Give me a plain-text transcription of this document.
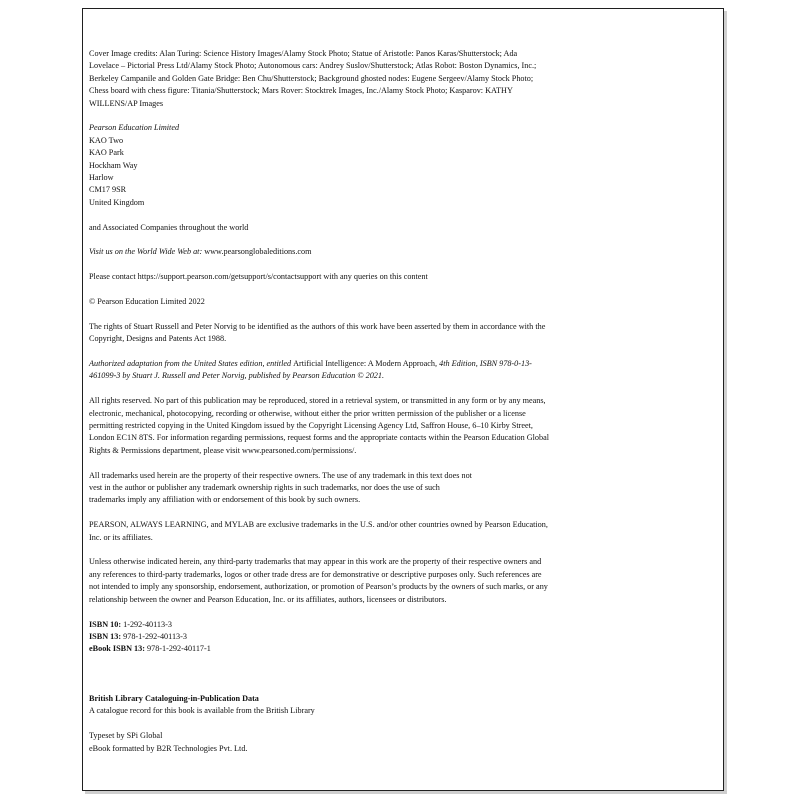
Cover Image credits: Alan Turing: Science History Images/Alamy Stock Photo; Statue of Aristotle: Panos Karas/Shutterstock; Ada Lovelace – Pictorial Press Ltd/Alamy Stock Photo; Autonomous cars: Andrey Suslov/Shutterstock; Atlas Robot: Boston Dynamics, Inc.; Berkeley Campanile and Golden Gate Bridge: Ben Chu/Shutterstock; Background ghosted nodes: Eugene Sergeev/Alamy Stock Photo; Chess board with chess figure: Titania/Shutterstock; Mars Rover: Stocktrek Images, Inc./Alamy Stock Photo; Kasparov: KATHY WILLENS/AP Images

Pearson Education Limited

KAO Two
KAO Park
Hockham Way
Harlow
CM17 9SR
United Kingdom

and Associated Companies throughout the world

Visit us on the World Wide Web at: www.pearsonglobaleditions.com

Please contact https://support.pearson.com/getsupport/s/contactsupport with any queries on this content

© Pearson Education Limited 2022

The rights of Stuart Russell and Peter Norvig to be identified as the authors of this work have been asserted by them in accordance with the Copyright, Designs and Patents Act 1988.

Authorized adaptation from the United States edition, entitled Artificial Intelligence: A Modern Approach, 4th Edition, ISBN 978-0-13-461099-3 by Stuart J. Russell and Peter Norvig, published by Pearson Education © 2021.

All rights reserved. No part of this publication may be reproduced, stored in a retrieval system, or transmitted in any form or by any means, electronic, mechanical, photocopying, recording or otherwise, without either the prior written permission of the publisher or a license permitting restricted copying in the United Kingdom issued by the Copyright Licensing Agency Ltd, Saffron House, 6–10 Kirby Street, London EC1N 8TS. For information regarding permissions, request forms and the appropriate contacts within the Pearson Education Global Rights & Permissions department, please visit www.pearsoned.com/permissions/.

All trademarks used herein are the property of their respective owners. The use of any trademark in this text does not
vest in the author or publisher any trademark ownership rights in such trademarks, nor does the use of such
trademarks imply any affiliation with or endorsement of this book by such owners.

PEARSON, ALWAYS LEARNING, and MYLAB are exclusive trademarks in the U.S. and/or other countries owned by Pearson Education, Inc. or its affiliates.

Unless otherwise indicated herein, any third-party trademarks that may appear in this work are the property of their respective owners and any references to third-party trademarks, logos or other trade dress are for demonstrative or descriptive purposes only. Such references are not intended to imply any sponsorship, endorsement, authorization, or promotion of Pearson’s products by the owners of such marks, or any relationship between the owner and Pearson Education, Inc. or its affiliates, authors, licensees or distributors.

ISBN 10: 1-292-40113-3
ISBN 13: 978-1-292-40113-3
eBook ISBN 13: 978-1-292-40117-1
British Library Cataloguing-in-Publication Data
A catalogue record for this book is available from the British Library
Typeset by SPi Global
eBook formatted by B2R Technologies Pvt. Ltd.
